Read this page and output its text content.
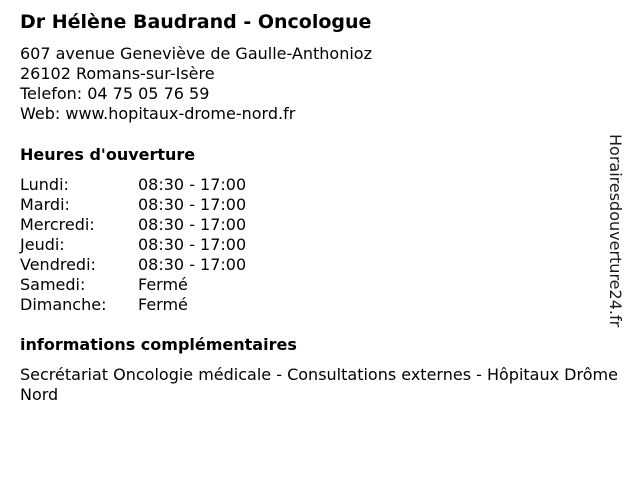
Dr Hélène Baudrand - Oncologue
607 avenue Geneviève de Gaulle-Anthonioz
26102 Romans-sur-Isère
Telefon: 04 75 05 76 59
Web: www.hopitaux-drome-nord.fr
Heures d'ouverture
Lundi:	08:30 - 17:00
Mardi:	08:30 - 17:00
Mercredi:	08:30 - 17:00
Jeudi:	08:30 - 17:00
Vendredi:	08:30 - 17:00
Samedi:	Fermé
Dimanche:	Fermé
informations complémentaires
Secrétariat Oncologie médicale - Consultations externes - Hôpitaux Drôme Nord
Horairesdouverture24.fr
